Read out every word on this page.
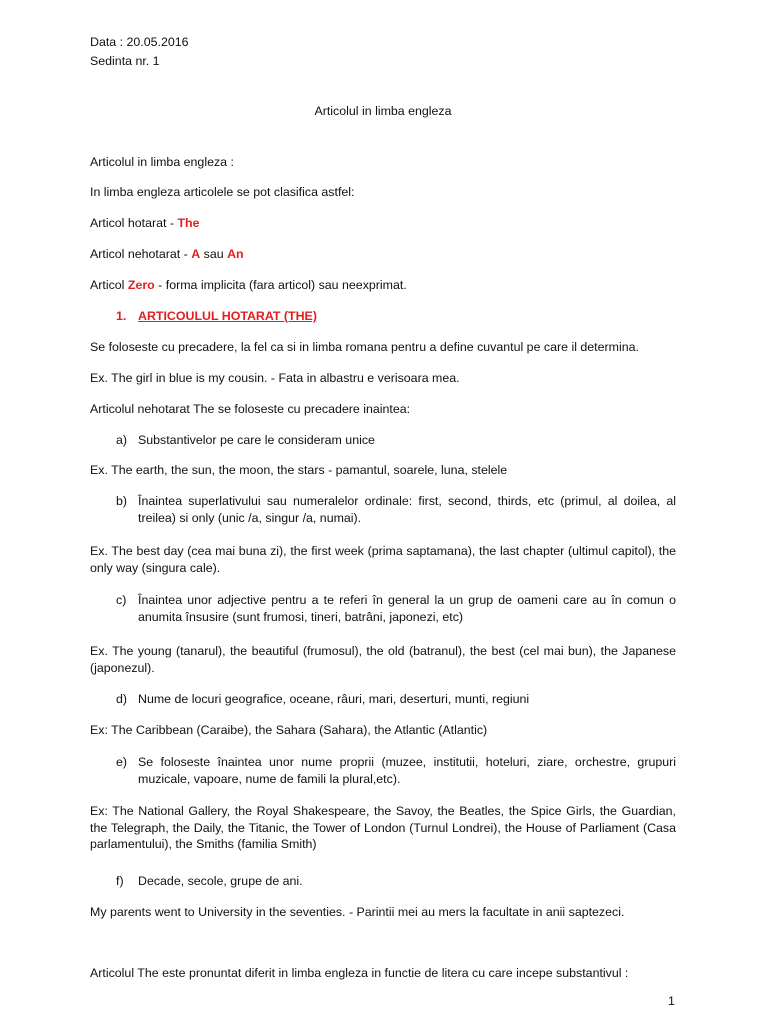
Data : 20.05.2016
Sedinta nr. 1
Articolul in limba engleza
Articolul in limba engleza :
In limba engleza articolele se pot clasifica astfel:
Articol hotarat - The
Articol nehotarat - A sau An
Articol Zero - forma implicita (fara articol) sau neexprimat.
1. ARTICOULUL HOTARAT (THE)
Se foloseste cu precadere, la fel ca si in limba romana pentru a define cuvantul pe care il determina.
Ex. The girl in blue is my cousin. - Fata in albastru e verisoara mea.
Articolul nehotarat The se foloseste cu precadere inaintea:
a) Substantivelor pe care le consideram unice
Ex. The earth, the sun, the moon, the stars - pamantul, soarele, luna, stelele
b) Înaintea superlativului sau numeralelor ordinale: first, second, thirds, etc (primul, al doilea, al treilea) si only (unic /a, singur /a, numai).
Ex. The best day (cea mai buna zi), the first week (prima saptamana), the last chapter (ultimul capitol), the only way (singura cale).
c) Înaintea unor adjective pentru a te referi în general la un grup de oameni care au în comun o anumita însusire (sunt frumosi, tineri, batrâni, japonezi, etc)
Ex. The young (tanarul), the beautiful (frumosul), the old (batranul), the best (cel mai bun), the Japanese (japonezul).
d) Nume de locuri geografice, oceane, râuri, mari, deserturi, munti, regiuni
Ex: The Caribbean (Caraibe), the Sahara (Sahara), the Atlantic (Atlantic)
e) Se foloseste înaintea unor nume proprii (muzee, institutii, hoteluri, ziare, orchestre, grupuri muzicale, vapoare, nume de famili la plural,etc).
Ex: The National Gallery, the Royal Shakespeare, the Savoy, the Beatles, the Spice Girls, the Guardian, the Telegraph, the Daily, the Titanic, the Tower of London (Turnul Londrei), the House of Parliament (Casa parlamentului), the Smiths (familia Smith)
f) Decade, secole, grupe de ani.
My parents went to University in the seventies. - Parintii mei au mers la facultate in anii saptezeci.
Articolul The este pronuntat diferit in limba engleza in functie de litera cu care incepe substantivul :
1
